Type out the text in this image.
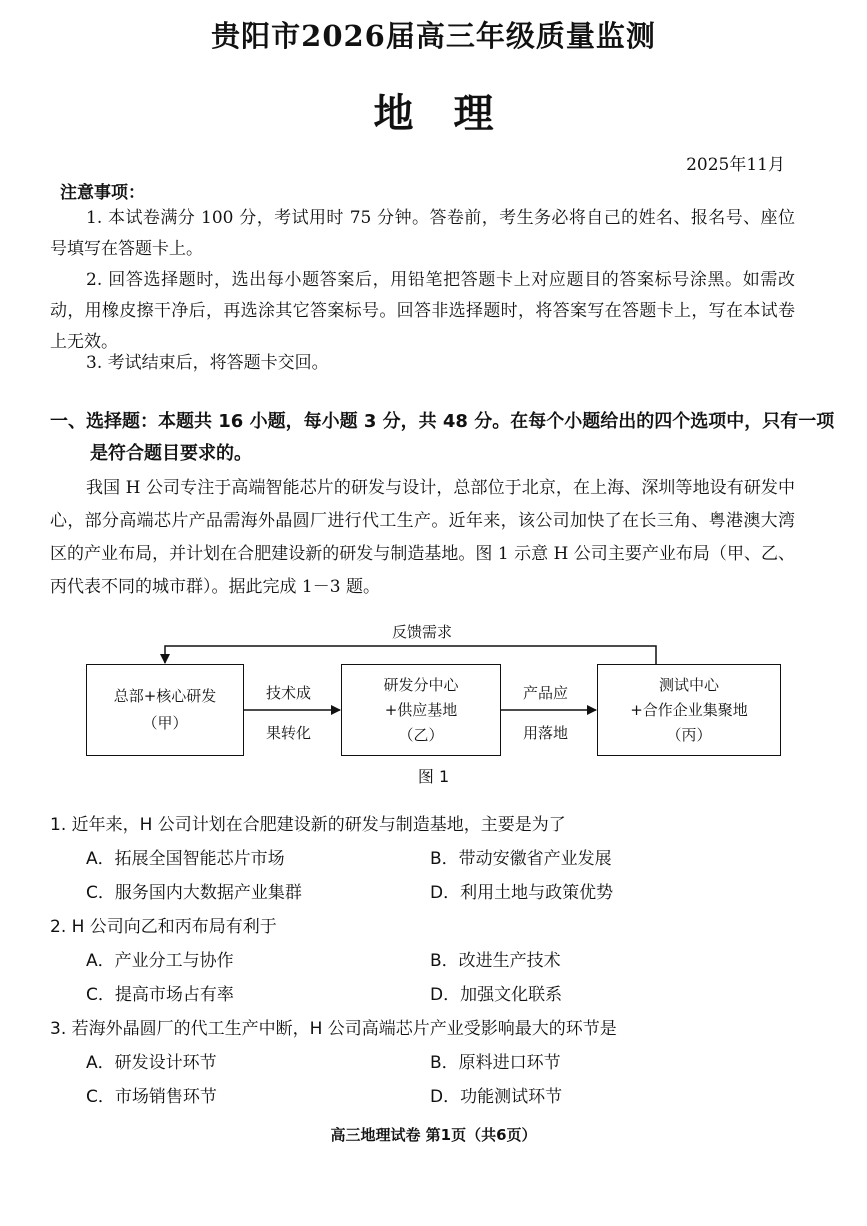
贵阳市2026届高三年级质量监测
地理
2025年11月
注意事项：
1. 本试卷满分 100 分，考试用时 75 分钟。答卷前，考生务必将自己的姓名、报名号、座位号填写在答题卡上。
2. 回答选择题时，选出每小题答案后，用铅笔把答题卡上对应题目的答案标号涂黑。如需改动，用橡皮擦干净后，再选涂其它答案标号。回答非选择题时，将答案写在答题卡上，写在本试卷上无效。
3. 考试结束后，将答题卡交回。
一、选择题：本题共 16 小题，每小题 3 分，共 48 分。在每个小题给出的四个选项中，只有一项是符合题目要求的。
我国 H 公司专注于高端智能芯片的研发与设计，总部位于北京，在上海、深圳等地设有研发中心，部分高端芯片产品需海外晶圆厂进行代工生产。近年来，该公司加快了在长三角、粤港澳大湾区的产业布局，并计划在合肥建设新的研发与制造基地。图 1 示意 H 公司主要产业布局（甲、乙、丙代表不同的城市群）。据此完成 1－3 题。
反馈需求
总部+核心研发
（甲）
研发分中心
+供应基地
（乙）
测试中心
+合作企业集聚地
（丙）
技术成
果转化
产品应
用落地
图 1
1. 近年来，H 公司计划在合肥建设新的研发与制造基地，主要是为了
A．拓展全国智能芯片市场	B．带动安徽省产业发展
C．服务国内大数据产业集群	D．利用土地与政策优势
2. H 公司向乙和丙布局有利于
A．产业分工与协作	B．改进生产技术
C．提高市场占有率	D．加强文化联系
3. 若海外晶圆厂的代工生产中断，H 公司高端芯片产业受影响最大的环节是
A．研发设计环节	B．原料进口环节
C．市场销售环节	D．功能测试环节
高三地理试卷 第1页（共6页）
